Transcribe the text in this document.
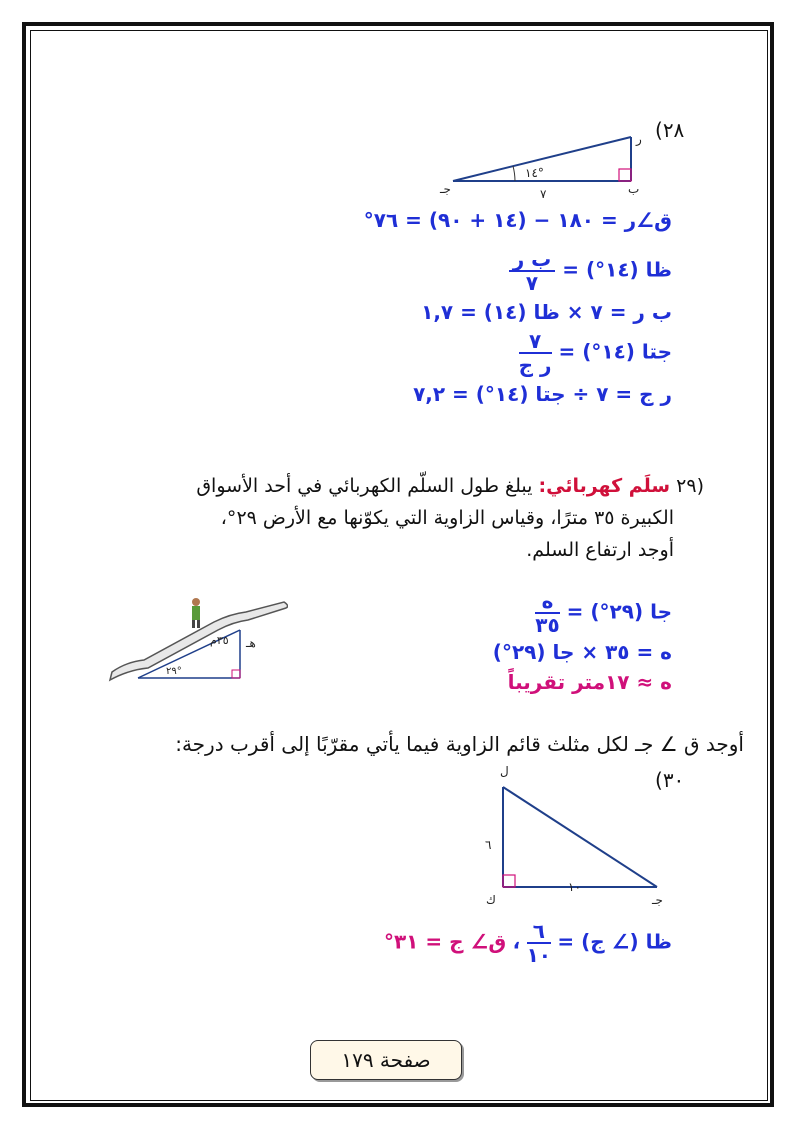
(٢٨
ر
ب
جـ
١٤°
٧
ق∠ر = ١٨٠ − (١٤ + ٩٠) = ٧٦°
ظا (١٤°) =
$\frac{\text{ب ر}}{٧}$
ب ر = ٧ × ظا (١٤) = ١,٧
جتا (١٤°) =
$\frac{٧}{\text{ر ج}}$
ر ج = ٧ ÷ جتا (١٤°) = ٧,٢
(٢٩ سلَم كهربائي: يبلغ طول السلّم الكهربائي في أحد الأسواق
الكبيرة ٣٥ مترًا، وقياس الزاوية التي يكوّنها مع الأرض ٢٩°،
أوجد ارتفاع السلم.
٣٥م هـ
٢٩°
جا (٢٩°) =
$\frac{\text{ه}}{٣٥}$
ه = ٣٥ × جا (٢٩°)
ه ≈ ١٧متر تقريباً
أوجد ق ∠ جـ لكل مثلث قائم الزاوية فيما يأتي مقرّبًا إلى أقرب درجة:
(٣٠
ل
ك	جـ
٦
١٠
ظا (∠ ج) =
$\frac{٦}{١٠}$
، ق∠ ج = ٣١°
صفحة ١٧٩
